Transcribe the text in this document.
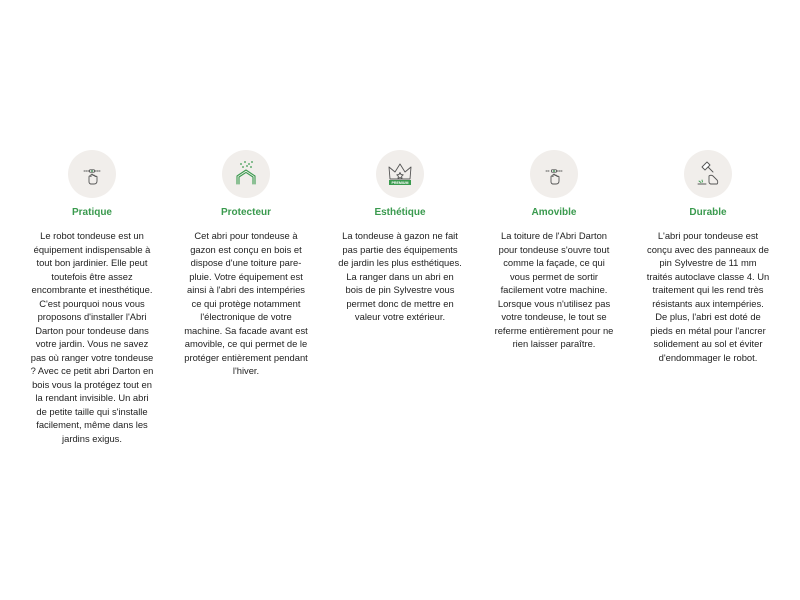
Pratique
Le robot tondeuse est un équipement indispensable à tout bon jardinier. Elle peut toutefois être assez encombrante et inesthétique. C'est pourquoi nous vous proposons d'installer l'Abri Darton pour tondeuse dans votre jardin. Vous ne savez pas où ranger votre tondeuse ? Avec ce petit abri Darton en bois vous la protégez tout en la rendant invisible. Un abri de petite taille qui s'installe facilement, même dans les jardins exigus.
Protecteur
Cet abri pour tondeuse à gazon est conçu en bois et dispose d'une toiture pare-pluie. Votre équipement est ainsi à l'abri des intempéries ce qui protège notamment l'électronique de votre machine. Sa facade avant est amovible, ce qui permet de le protéger entièrement pendant l'hiver.
PREMIUM
Esthétique
La tondeuse à gazon ne fait pas partie des équipements de jardin les plus esthétiques. La ranger dans un abri en bois de pin Sylvestre vous permet donc de mettre en valeur votre extérieur.
Amovible
La toiture de l'Abri Darton pour tondeuse s'ouvre tout comme la façade, ce qui vous permet de sortir facilement votre machine. Lorsque vous n'utilisez pas votre tondeuse, le tout se referme entièrement pour ne rien laisser paraître.
Durable
L'abri pour tondeuse est conçu avec des panneaux de pin Sylvestre de 11 mm traités autoclave classe 4. Un traitement qui les rend très résistants aux intempéries. De plus, l'abri est doté de pieds en métal pour l'ancrer solidement au sol et éviter d'endommager le robot.
